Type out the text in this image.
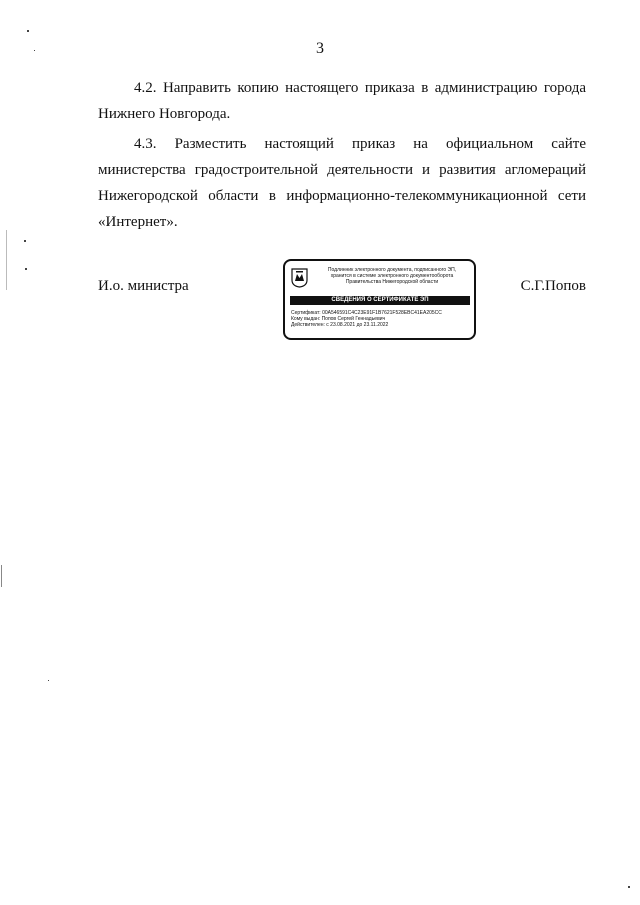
3
4.2. Направить копию настоящего приказа в администрацию города Нижнего Новгорода.
4.3. Разместить настоящий приказ на официальном сайте министерства градостроительной деятельности и развития агломераций Нижегородской области в информационно-телекоммуникационной сети «Интернет».
И.о. министра	С.Г.Попов
Подлинник электронного документа, подписанного ЭП,
хранится в системе электронного документооборота
Правительства Нижегородской области
СВЕДЕНИЯ О СЕРТИФИКАТЕ ЭП
Сертификат: 00A546591C4C23E91F1B7621F528EBC41EA205CC
Кому выдан: Попов Сергей Геннадьевич
Действителен: с 23.08.2021 до 23.11.2022
